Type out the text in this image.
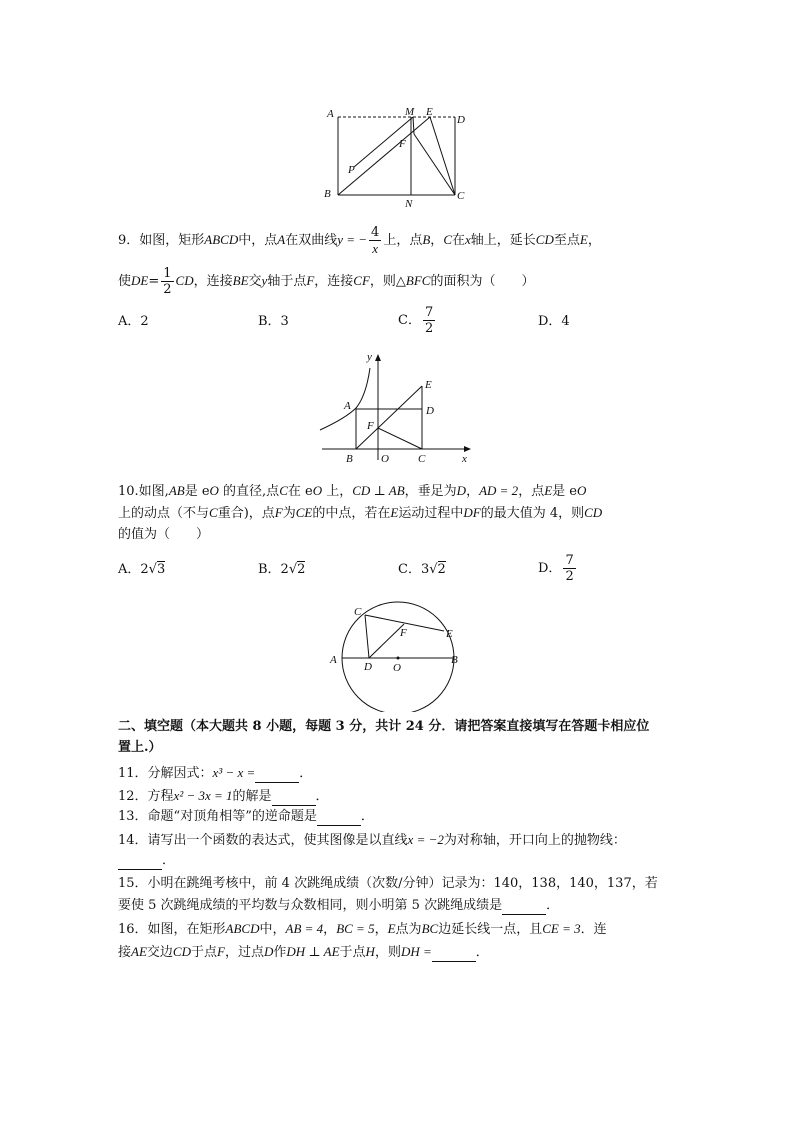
A	M E
D
F
P
B
N
C
9．如图，矩形ABCD中，点A在双曲线y = − $\frac{4}{x}$ 上，点B，C在x轴上，延长CD至点E，
使$DE= \frac{1}{2}$ CD，连接BE交y轴于点F，连接CF，则△BFC的面积为（　　）
A．2	B．3	C． $\frac{7}{2}$	D．4
y
A
E
D
F
B	O	C	x
10.如图,AB是 eO 的直径,点C在 eO 上，CD ⊥ AB，垂足为D，AD = 2，点E是 eO
上的动点（不与C重合)，点F为CE的中点，若在E运动过程中DF的最大值为 4，则CD
的值为（　　）
A．2√3	B．2√2	C．3√2	D． $\frac{7}{2}$
C
F	E
A
D O
B
二、填空题（本大题共 8 小题，每题 3 分，共计 24 分．请把答案直接填写在答题卡相应位
置上.）
11．分解因式：x³ − x =	．
12．方程x² − 3x = 1的解是	．
13．命题“对顶角相等”的逆命题是	．
14．请写出一个函数的表达式，使其图像是以直线x = −2为对称轴，开口向上的抛物线：
．
15．小明在跳绳考核中，前 4 次跳绳成绩（次数/分钟）记录为：140，138，140，137，若
要使 5 次跳绳成绩的平均数与众数相同，则小明第 5 次跳绳成绩是	．
16．如图，在矩形ABCD中，AB = 4，BC = 5，E点为BC边延长线一点，且CE = 3．连
接AE交边CD于点F，过点D作DH ⊥ AE于点H，则DH =	．
